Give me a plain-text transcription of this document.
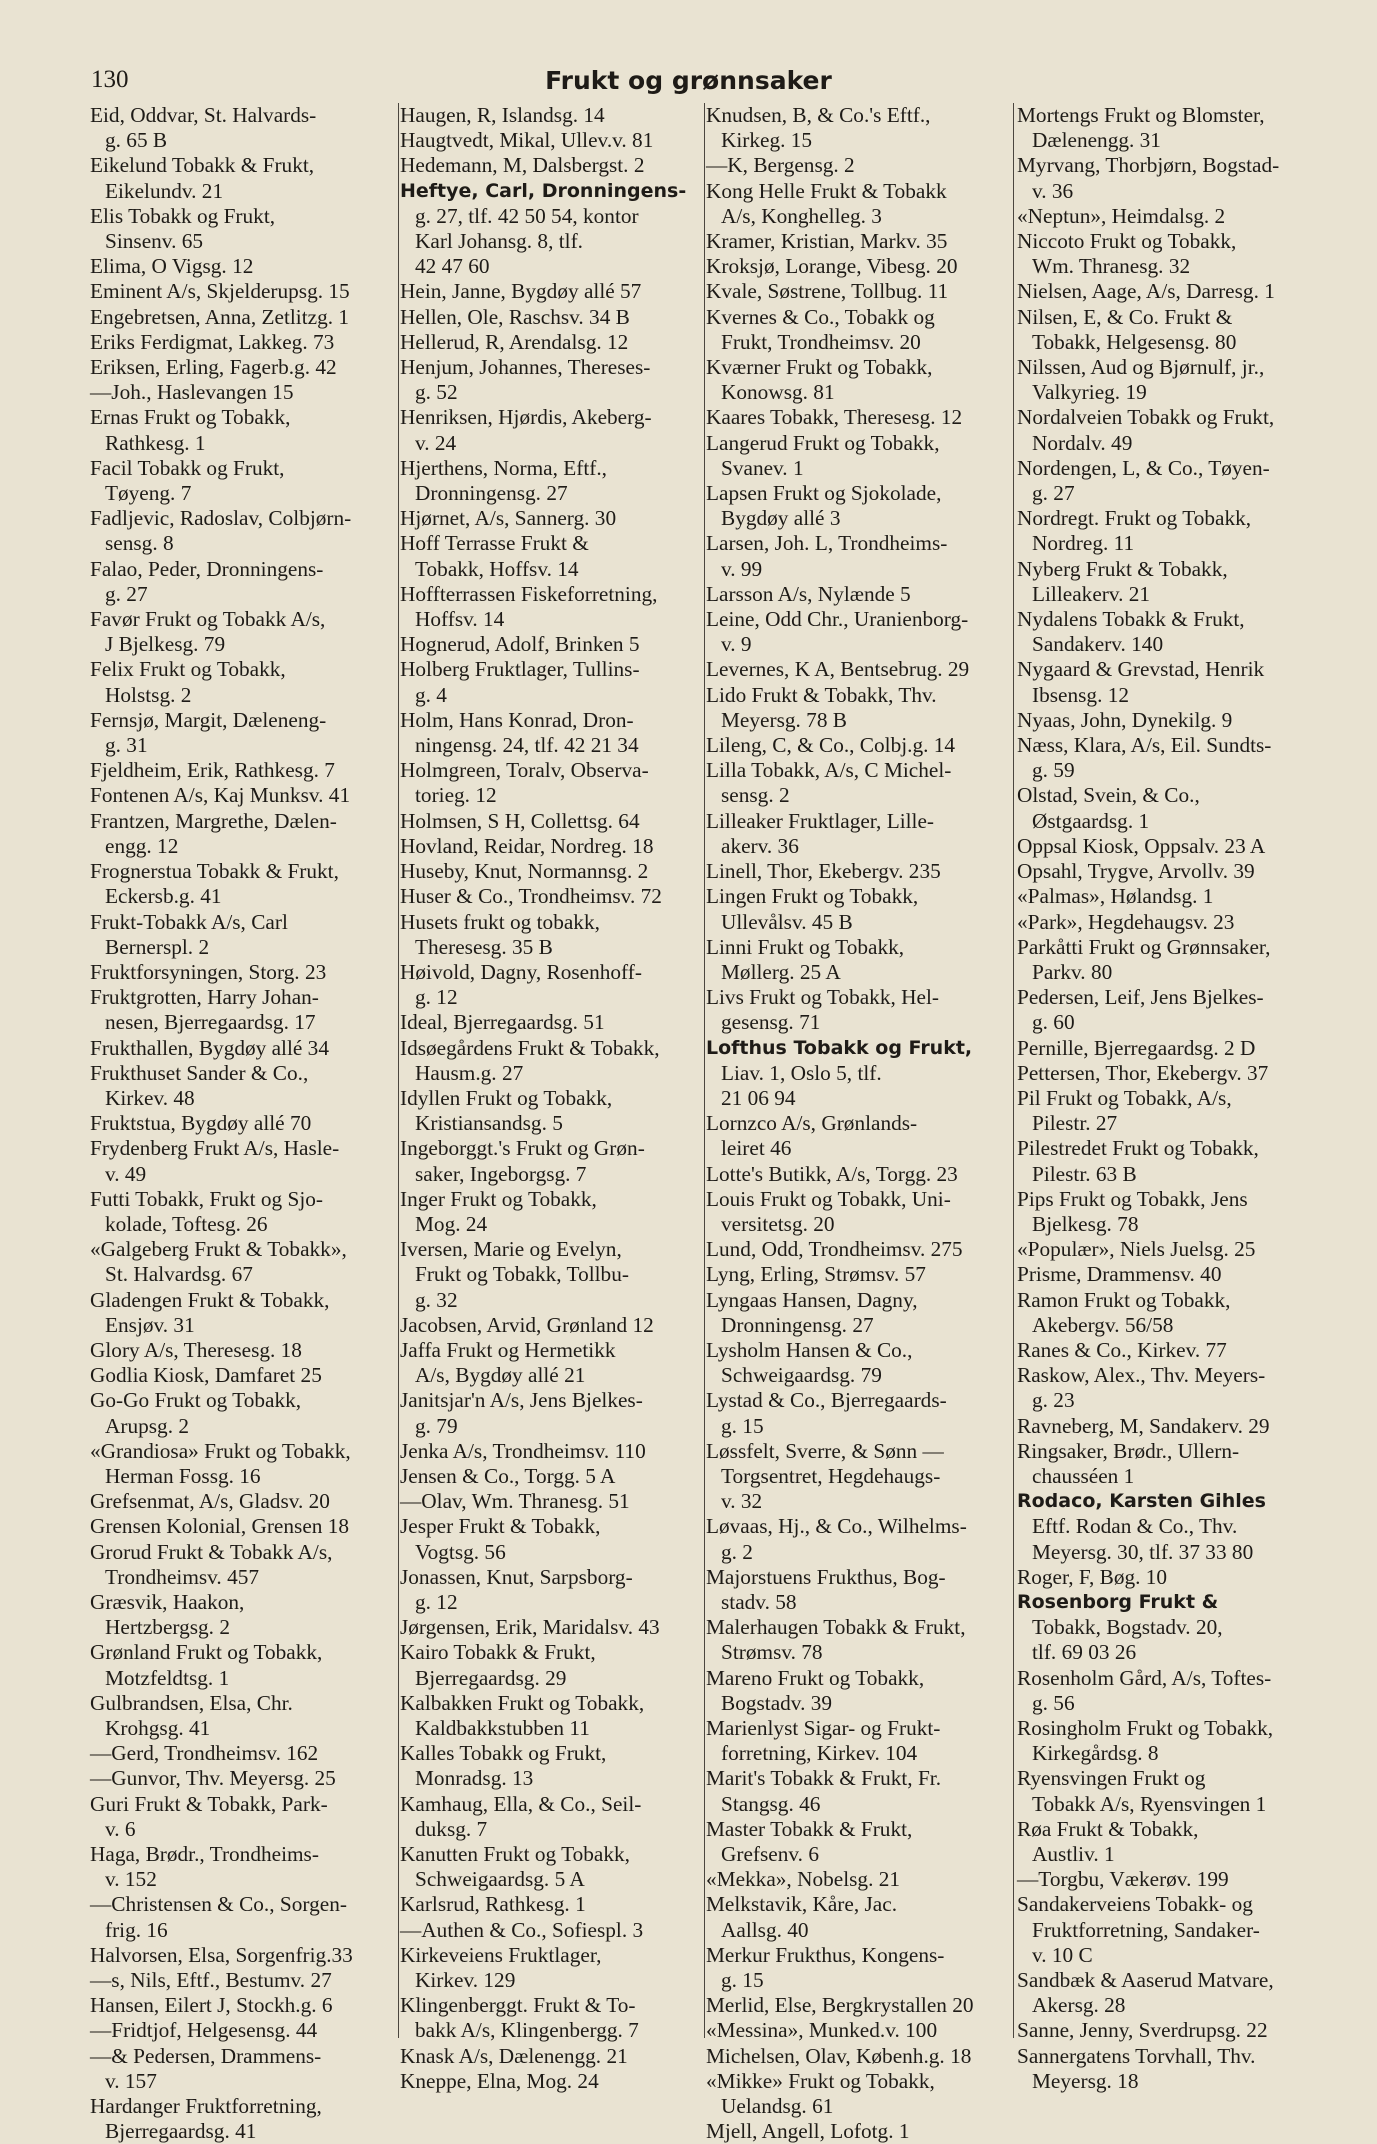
130	Frukt og grønnsaker
Eid, Oddvar, St. Halvards-
g. 65 B
Eikelund Tobakk & Frukt,
Eikelundv. 21
Elis Tobakk og Frukt,
Sinsenv. 65
Elima, O Vigsg. 12
Eminent A/s, Skjelderupsg. 15
Engebretsen, Anna, Zetlitzg. 1
Eriks Ferdigmat, Lakkeg. 73
Eriksen, Erling, Fagerb.g. 42
—Joh., Haslevangen 15
Ernas Frukt og Tobakk,
Rathkesg. 1
Facil Tobakk og Frukt,
Tøyeng. 7
Fadljevic, Radoslav, Colbjørn-
sensg. 8
Falao, Peder, Dronningens-
g. 27
Favør Frukt og Tobakk A/s,
J Bjelkesg. 79
Felix Frukt og Tobakk,
Holstsg. 2
Fernsjø, Margit, Dæleneng-
g. 31
Fjeldheim, Erik, Rathkesg. 7
Fontenen A/s, Kaj Munksv. 41
Frantzen, Margrethe, Dælen-
engg. 12
Frognerstua Tobakk & Frukt,
Eckersb.g. 41
Frukt-Tobakk A/s, Carl
Bernerspl. 2
Fruktforsyningen, Storg. 23
Fruktgrotten, Harry Johan-
nesen, Bjerregaardsg. 17
Frukthallen, Bygdøy allé 34
Frukthuset Sander & Co.,
Kirkev. 48
Fruktstua, Bygdøy allé 70
Frydenberg Frukt A/s, Hasle-
v. 49
Futti Tobakk, Frukt og Sjo-
kolade, Toftesg. 26
«Galgeberg Frukt & Tobakk»,
St. Halvardsg. 67
Gladengen Frukt & Tobakk,
Ensjøv. 31
Glory A/s, Theresesg. 18
Godlia Kiosk, Damfaret 25
Go-Go Frukt og Tobakk,
Arupsg. 2
«Grandiosa» Frukt og Tobakk,
Herman Fossg. 16
Grefsenmat, A/s, Gladsv. 20
Grensen Kolonial, Grensen 18
Grorud Frukt & Tobakk A/s,
Trondheimsv. 457
Græsvik, Haakon,
Hertzbergsg. 2
Grønland Frukt og Tobakk,
Motzfeldtsg. 1
Gulbrandsen, Elsa, Chr.
Krohgsg. 41
—Gerd, Trondheimsv. 162
—Gunvor, Thv. Meyersg. 25
Guri Frukt & Tobakk, Park-
v. 6
Haga, Brødr., Trondheims-
v. 152
—Christensen & Co., Sorgen-
frig. 16
Halvorsen, Elsa, Sorgenfrig.33
—s, Nils, Eftf., Bestumv. 27
Hansen, Eilert J, Stockh.g. 6
—Fridtjof, Helgesensg. 44
—& Pedersen, Drammens-
v. 157
Hardanger Fruktforretning,
Bjerregaardsg. 41
Haugen, R, Islandsg. 14
Haugtvedt, Mikal, Ullev.v. 81
Hedemann, M, Dalsbergst. 2
Heftye, Carl, Dronningens-
g. 27, tlf. 42 50 54, kontor
Karl Johansg. 8, tlf.
42 47 60
Hein, Janne, Bygdøy allé 57
Hellen, Ole, Raschsv. 34 B
Hellerud, R, Arendalsg. 12
Henjum, Johannes, Thereses-
g. 52
Henriksen, Hjørdis, Akeberg-
v. 24
Hjerthens, Norma, Eftf.,
Dronningensg. 27
Hjørnet, A/s, Sannerg. 30
Hoff Terrasse Frukt &
Tobakk, Hoffsv. 14
Hoffterrassen Fiskeforretning,
Hoffsv. 14
Hognerud, Adolf, Brinken 5
Holberg Fruktlager, Tullins-
g. 4
Holm, Hans Konrad, Dron-
ningensg. 24, tlf. 42 21 34
Holmgreen, Toralv, Observa-
torieg. 12
Holmsen, S H, Collettsg. 64
Hovland, Reidar, Nordreg. 18
Huseby, Knut, Normannsg. 2
Huser & Co., Trondheimsv. 72
Husets frukt og tobakk,
Theresesg. 35 B
Høivold, Dagny, Rosenhoff-
g. 12
Ideal, Bjerregaardsg. 51
Idsøegårdens Frukt & Tobakk,
Hausm.g. 27
Idyllen Frukt og Tobakk,
Kristiansandsg. 5
Ingeborggt.'s Frukt og Grøn-
saker, Ingeborgsg. 7
Inger Frukt og Tobakk,
Mog. 24
Iversen, Marie og Evelyn,
Frukt og Tobakk, Tollbu-
g. 32
Jacobsen, Arvid, Grønland 12
Jaffa Frukt og Hermetikk
A/s, Bygdøy allé 21
Janitsjar'n A/s, Jens Bjelkes-
g. 79
Jenka A/s, Trondheimsv. 110
Jensen & Co., Torgg. 5 A
—Olav, Wm. Thranesg. 51
Jesper Frukt & Tobakk,
Vogtsg. 56
Jonassen, Knut, Sarpsborg-
g. 12
Jørgensen, Erik, Maridalsv. 43
Kairo Tobakk & Frukt,
Bjerregaardsg. 29
Kalbakken Frukt og Tobakk,
Kaldbakkstubben 11
Kalles Tobakk og Frukt,
Monradsg. 13
Kamhaug, Ella, & Co., Seil-
duksg. 7
Kanutten Frukt og Tobakk,
Schweigaardsg. 5 A
Karlsrud, Rathkesg. 1
—Authen & Co., Sofiespl. 3
Kirkeveiens Fruktlager,
Kirkev. 129
Klingenberggt. Frukt & To-
bakk A/s, Klingenbergg. 7
Knask A/s, Dælenengg. 21
Kneppe, Elna, Mog. 24
Knudsen, B, & Co.'s Eftf.,
Kirkeg. 15
—K, Bergensg. 2
Kong Helle Frukt & Tobakk
A/s, Konghelleg. 3
Kramer, Kristian, Markv. 35
Kroksjø, Lorange, Vibesg. 20
Kvale, Søstrene, Tollbug. 11
Kvernes & Co., Tobakk og
Frukt, Trondheimsv. 20
Kværner Frukt og Tobakk,
Konowsg. 81
Kaares Tobakk, Theresesg. 12
Langerud Frukt og Tobakk,
Svanev. 1
Lapsen Frukt og Sjokolade,
Bygdøy allé 3
Larsen, Joh. L, Trondheims-
v. 99
Larsson A/s, Nylænde 5
Leine, Odd Chr., Uranienborg-
v. 9
Levernes, K A, Bentsebrug. 29
Lido Frukt & Tobakk, Thv.
Meyersg. 78 B
Lileng, C, & Co., Colbj.g. 14
Lilla Tobakk, A/s, C Michel-
sensg. 2
Lilleaker Fruktlager, Lille-
akerv. 36
Linell, Thor, Ekebergv. 235
Lingen Frukt og Tobakk,
Ullevålsv. 45 B
Linni Frukt og Tobakk,
Møllerg. 25 A
Livs Frukt og Tobakk, Hel-
gesensg. 71
Lofthus Tobakk og Frukt,
Liav. 1, Oslo 5, tlf.
21 06 94
Lornzco A/s, Grønlands-
leiret 46
Lotte's Butikk, A/s, Torgg. 23
Louis Frukt og Tobakk, Uni-
versitetsg. 20
Lund, Odd, Trondheimsv. 275
Lyng, Erling, Strømsv. 57
Lyngaas Hansen, Dagny,
Dronningensg. 27
Lysholm Hansen & Co.,
Schweigaardsg. 79
Lystad & Co., Bjerregaards-
g. 15
Løssfelt, Sverre, & Sønn —
Torgsentret, Hegdehaugs-
v. 32
Løvaas, Hj., & Co., Wilhelms-
g. 2
Majorstuens Frukthus, Bog-
stadv. 58
Malerhaugen Tobakk & Frukt,
Strømsv. 78
Mareno Frukt og Tobakk,
Bogstadv. 39
Marienlyst Sigar- og Frukt-
forretning, Kirkev. 104
Marit's Tobakk & Frukt, Fr.
Stangsg. 46
Master Tobakk & Frukt,
Grefsenv. 6
«Mekka», Nobelsg. 21
Melkstavik, Kåre, Jac.
Aallsg. 40
Merkur Frukthus, Kongens-
g. 15
Merlid, Else, Bergkrystallen 20
«Messina», Munked.v. 100
Michelsen, Olav, Københ.g. 18
«Mikke» Frukt og Tobakk,
Uelandsg. 61
Mjell, Angell, Lofotg. 1
Mortengs Frukt og Blomster,
Dælenengg. 31
Myrvang, Thorbjørn, Bogstad-
v. 36
«Neptun», Heimdalsg. 2
Niccoto Frukt og Tobakk,
Wm. Thranesg. 32
Nielsen, Aage, A/s, Darresg. 1
Nilsen, E, & Co. Frukt &
Tobakk, Helgesensg. 80
Nilssen, Aud og Bjørnulf, jr.,
Valkyrieg. 19
Nordalveien Tobakk og Frukt,
Nordalv. 49
Nordengen, L, & Co., Tøyen-
g. 27
Nordregt. Frukt og Tobakk,
Nordreg. 11
Nyberg Frukt & Tobakk,
Lilleakerv. 21
Nydalens Tobakk & Frukt,
Sandakerv. 140
Nygaard & Grevstad, Henrik
Ibsensg. 12
Nyaas, John, Dynekilg. 9
Næss, Klara, A/s, Eil. Sundts-
g. 59
Olstad, Svein, & Co.,
Østgaardsg. 1
Oppsal Kiosk, Oppsalv. 23 A
Opsahl, Trygve, Arvollv. 39
«Palmas», Hølandsg. 1
«Park», Hegdehaugsv. 23
Parkåtti Frukt og Grønnsaker,
Parkv. 80
Pedersen, Leif, Jens Bjelkes-
g. 60
Pernille, Bjerregaardsg. 2 D
Pettersen, Thor, Ekebergv. 37
Pil Frukt og Tobakk, A/s,
Pilestr. 27
Pilestredet Frukt og Tobakk,
Pilestr. 63 B
Pips Frukt og Tobakk, Jens
Bjelkesg. 78
«Populær», Niels Juelsg. 25
Prisme, Drammensv. 40
Ramon Frukt og Tobakk,
Akebergv. 56/58
Ranes & Co., Kirkev. 77
Raskow, Alex., Thv. Meyers-
g. 23
Ravneberg, M, Sandakerv. 29
Ringsaker, Brødr., Ullern-
chausséen 1
Rodaco, Karsten Gihles
Eftf. Rodan & Co., Thv.
Meyersg. 30, tlf. 37 33 80
Roger, F, Bøg. 10
Rosenborg Frukt &
Tobakk, Bogstadv. 20,
tlf. 69 03 26
Rosenholm Gård, A/s, Toftes-
g. 56
Rosingholm Frukt og Tobakk,
Kirkegårdsg. 8
Ryensvingen Frukt og
Tobakk A/s, Ryensvingen 1
Røa Frukt & Tobakk,
Austliv. 1
—Torgbu, Vækerøv. 199
Sandakerveiens Tobakk- og
Fruktforretning, Sandaker-
v. 10 C
Sandbæk & Aaserud Matvare,
Akersg. 28
Sanne, Jenny, Sverdrupsg. 22
Sannergatens Torvhall, Thv.
Meyersg. 18
